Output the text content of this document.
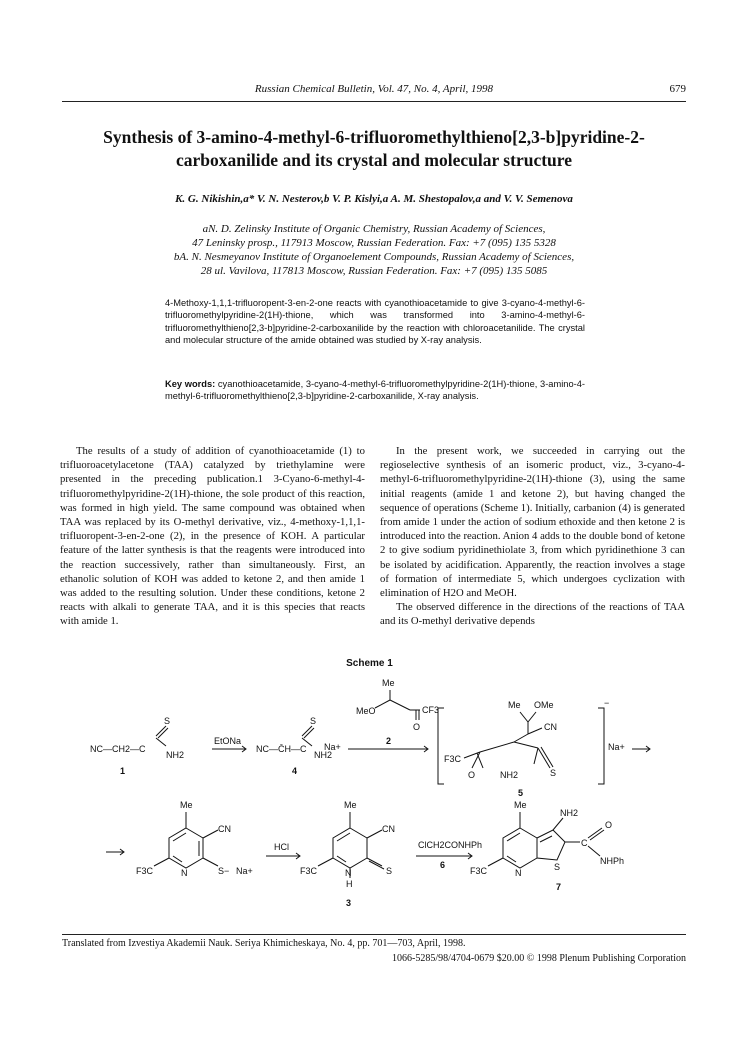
Russian Chemical Bulletin, Vol. 47, No. 4, April, 1998	679
Synthesis of 3-amino-4-methyl-6-trifluoromethylthieno[2,3-b]pyridine-2-
carboxanilide and its crystal and molecular structure
K. G. Nikishin,a* V. N. Nesterov,b V. P. Kislyi,a A. M. Shestopalov,a and V. V. Semenova
aN. D. Zelinsky Institute of Organic Chemistry, Russian Academy of Sciences,
47 Leninsky prosp., 117913 Moscow, Russian Federation. Fax: +7 (095) 135 5328
bA. N. Nesmeyanov Institute of Organoelement Compounds, Russian Academy of Sciences,
28 ul. Vavilova, 117813 Moscow, Russian Federation. Fax: +7 (095) 135 5085
4-Methoxy-1,1,1-trifluoropent-3-en-2-one reacts with cyanothioacetamide to give 3-cyano-4-methyl-6-trifluoromethylpyridine-2(1H)-thione, which was transformed into 3-amino-4-methyl-6-trifluoromethylthieno[2,3-b]pyridine-2-carboxanilide by the reaction with chloroacetanilide. The crystal and molecular structure of the amide obtained was studied by X-ray analysis.
Key words: cyanothioacetamide, 3-cyano-4-methyl-6-trifluoromethylpyridine-2(1H)-thione, 3-amino-4-methyl-6-trifluoromethylthieno[2,3-b]pyridine-2-carboxanilide, X-ray analysis.

The results of a study of addition of cyanothioacetamide (1) to trifluoroacetylacetone (TAA) catalyzed by triethylamine were presented in the preceding publication.1 3-Cyano-6-methyl-4-trifluoromethylpyridine-2(1H)-thione, the sole product of this reaction, was formed in high yield. The same compound was obtained when TAA was replaced by its O-methyl derivative, viz., 4-methoxy-1,1,1-trifluoropent-3-en-2-one (2), in the presence of KOH. A particular feature of the latter synthesis is that the reagents were introduced into the reaction successively, rather than simultaneously. First, an ethanolic solution of KOH was added to ketone 2, and then amide 1 was added to the resulting solution. Under these conditions, ketone 2 reacts with alkali to generate TAA, and it is this species that reacts with amide 1.

In the present work, we succeeded in carrying out the regioselective synthesis of an isomeric product, viz., 3-cyano-4-methyl-6-trifluoromethylpyridine-2(1H)-thione (3), using the same initial reagents (amide 1 and ketone 2), but having changed the sequence of operations (Scheme 1). Initially, carbanion (4) is generated from amide 1 under the action of sodium ethoxide and then ketone 2 is introduced into the reaction. Anion 4 adds to the double bond of ketone 2 to give sodium pyridinethiolate 3, from which pyridinethione 3 can be isolated by acidification. Apparently, the reaction involves a stage of formation of intermediate 5, which undergoes cyclization with elimination of H2O and MeOH.

The observed difference in the directions of the reactions of TAA and its O-methyl derivative depends

Scheme 1
NC—CH2—C
S
NH2
1
EtONa
NC—C̄H—C
S
NH2
Na+
4
Me
MeO	CF3
O
2
Me OMe
CN
F3C
O	NH2	S
Na+
−
5
Me
CN
F3C	N	S− Na+
HCl
Me
CN
F3C	N	S
H
3
ClCH2CONHPh
6
Me
NH2
F3C	N
S
C
O
NHPh
7
Translated from Izvestiya Akademii Nauk. Seriya Khimicheskaya, No. 4, pp. 701—703, April, 1998.
1066-5285/98/4704-0679 $20.00 © 1998 Plenum Publishing Corporation
